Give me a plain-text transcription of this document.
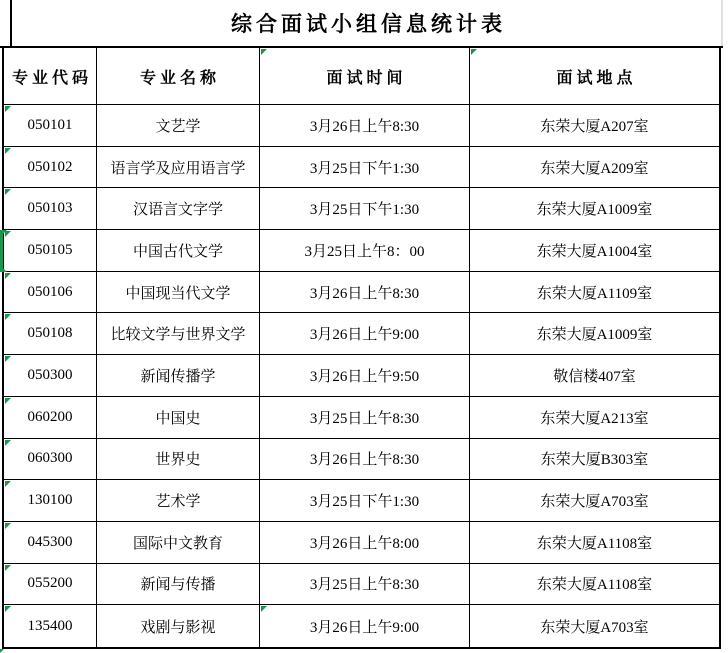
综合面试小组信息统计表
专业代码	专业名称	面试时间	面试地点
050101	文艺学	3月26日上午8:30	东荣大厦A207室
050102	语言学及应用语言学	3月25日下午1:30	东荣大厦A209室
050103	汉语言文字学	3月25日下午1:30	东荣大厦A1009室
050105	中国古代文学	3月25日上午8：00	东荣大厦A1004室
050106	中国现当代文学	3月26日上午8:30	东荣大厦A1109室
050108	比较文学与世界文学	3月26日上午9:00	东荣大厦A1009室
050300	新闻传播学	3月26日上午9:50	敬信楼407室
060200	中国史	3月25日上午8:30	东荣大厦A213室
060300	世界史	3月26日上午8:30	东荣大厦B303室
130100	艺术学	3月25日下午1:30	东荣大厦A703室
045300	国际中文教育	3月26日上午8:00	东荣大厦A1108室
055200	新闻与传播	3月25日上午8:30	东荣大厦A1108室
135400	戏剧与影视	3月26日上午9:00	东荣大厦A703室
